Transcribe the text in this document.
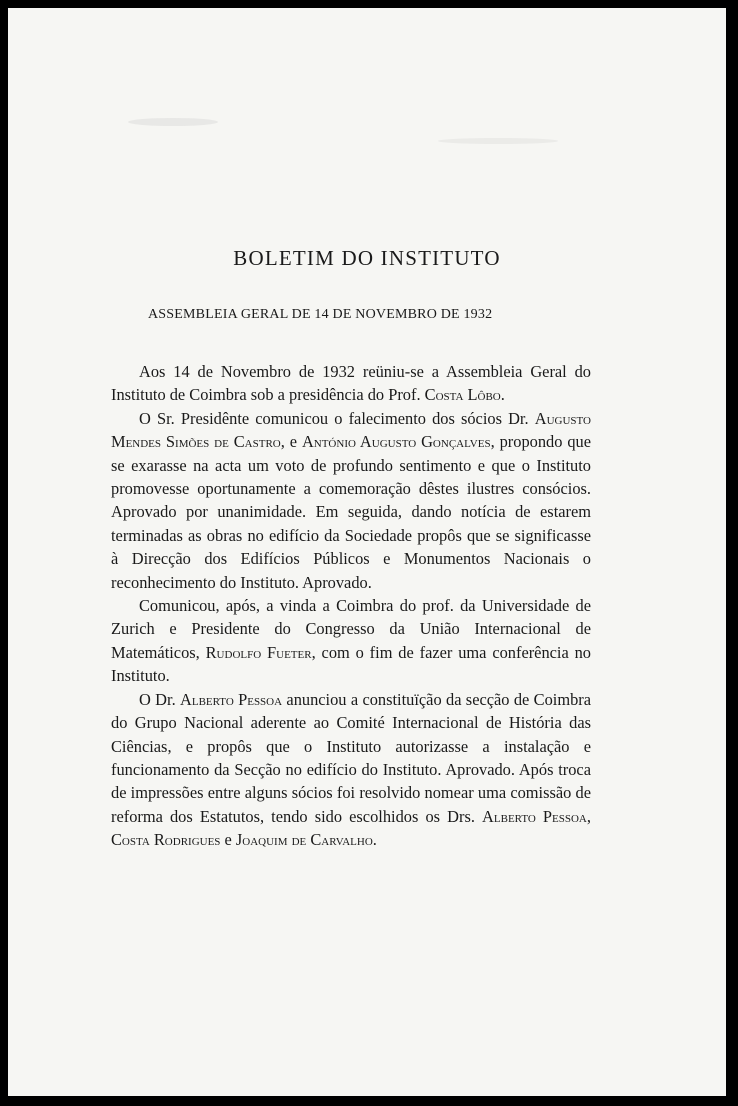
BOLETIM DO INSTITUTO
ASSEMBLEIA GERAL DE 14 DE NOVEMBRO DE 1932

Aos 14 de Novembro de 1932 reüniu-se a Assembleia Geral do Instituto de Coimbra sob a presidência do Prof. Costa Lôbo.

O Sr. Presidênte comunicou o falecimento dos sócios Dr. Augusto Mendes Simões de Castro, e António Augusto Gonçalves, propondo que se exarasse na acta um voto de profundo sentimento e que o Instituto promovesse oportunamente a comemoração dêstes ilustres consócios. Aprovado por unanimidade. Em seguida, dando notícia de estarem terminadas as obras no edifício da Sociedade propôs que se significasse à Direcção dos Edifícios Públicos e Monumentos Nacionais o reconhecimento do Instituto. Aprovado.

Comunicou, após, a vinda a Coimbra do prof. da Universidade de Zurich e Presidente do Congresso da União Internacional de Matemáticos, Rudolfo Fueter, com o fim de fazer uma conferência no Instituto.

O Dr. Alberto Pessoa anunciou a constituïção da secção de Coimbra do Grupo Nacional aderente ao Comité Internacional de História das Ciências, e propôs que o Instituto autorizasse a instalação e funcionamento da Secção no edifício do Instituto. Aprovado. Após troca de impressões entre alguns sócios foi resolvido nomear uma comissão de reforma dos Estatutos, tendo sido escolhidos os Drs. Alberto Pessoa, Costa Rodrigues e Joaquim de Carvalho.
